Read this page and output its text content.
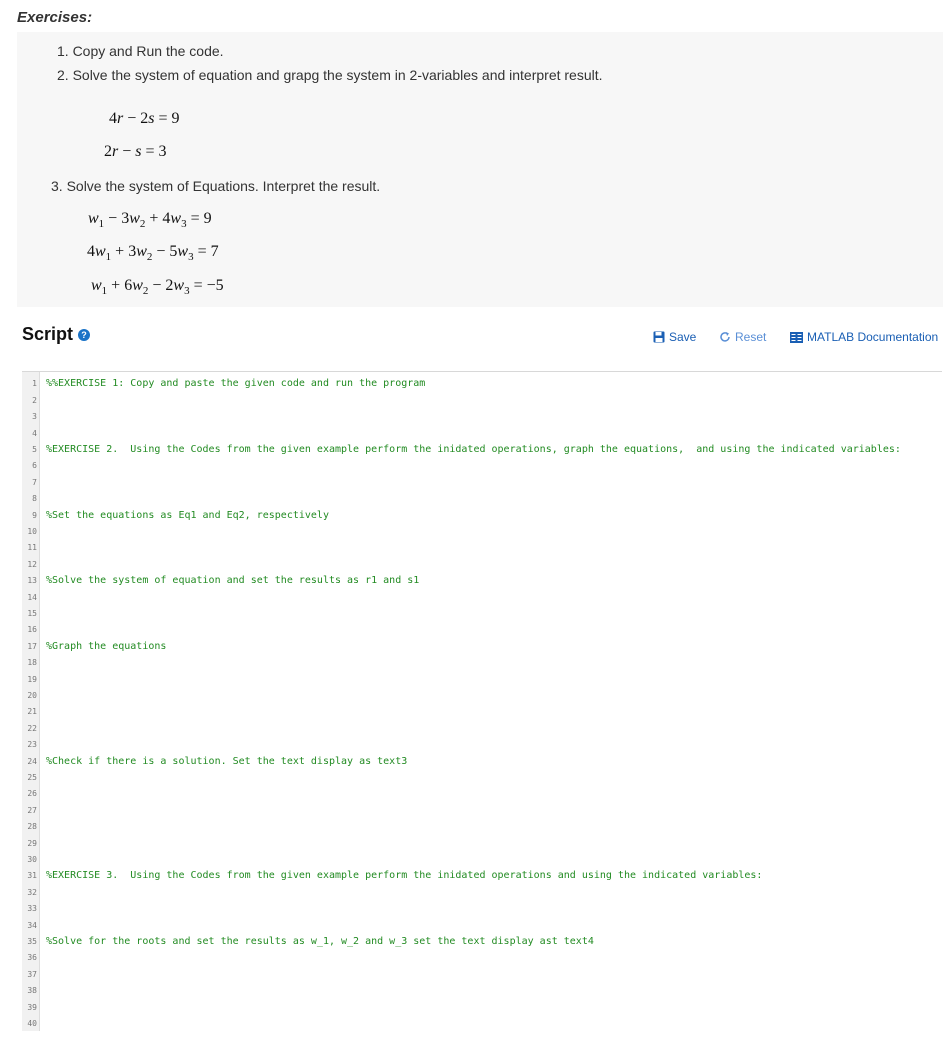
Exercises:
1. Copy and Run the code.
2. Solve the system of equation and grapg the system in 2-variables and interpret result.
4r − 2s = 9
2r − s = 3
3. Solve the system of Equations. Interpret the result.
$w_1 - 3w_2 + 4w_3 = 9$
$4w_1 + 3w_2 - 5w_3 = 7$
$w_1 + 6w_2 - 2w_3 = -5$
Script ?	Save	Reset	MATLAB Documentation
1
2
3
4
5
6
7
8
9
10
11
12
13
14
15
16
17
18
19
20
21
22
23
24
25
26
27
28
29
30
31
32
33
34
35
36
37
38
39
40
%%EXERCISE 1: Copy and paste the given code and run the program
%EXERCISE 2.  Using the Codes from the given example perform the inidated operations, graph the equations,  and using the indicated variables:
%Set the equations as Eq1 and Eq2, respectively
%Solve the system of equation and set the results as r1 and s1
%Graph the equations
%Check if there is a solution. Set the text display as text3
%EXERCISE 3.  Using the Codes from the given example perform the inidated operations and using the indicated variables:
%Solve for the roots and set the results as w_1, w_2 and w_3 set the text display ast text4
